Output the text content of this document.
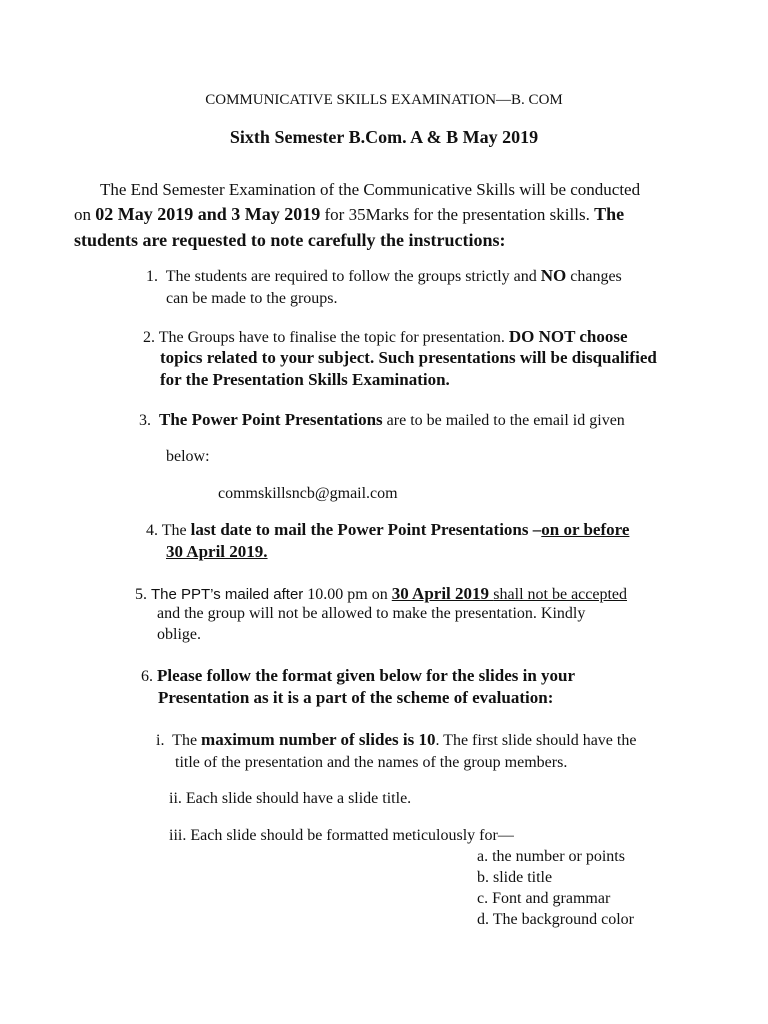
COMMUNICATIVE SKILLS EXAMINATION—B. COM
Sixth Semester B.Com. A & B May 2019
The End Semester Examination of the Communicative Skills will be conducted
on 02 May 2019 and 3 May 2019 for 35Marks for the presentation skills. The
students are requested to note carefully the instructions:
1. The students are required to follow the groups strictly and NO changes
can be made to the groups.
2. The Groups have to finalise the topic for presentation. DO NOT choose
topics related to your subject. Such presentations will be disqualified
for the Presentation Skills Examination.
3. The Power Point Presentations are to be mailed to the email id given
below:
commskillsncb@gmail.com
4. The last date to mail the Power Point Presentations –on or before
30 April 2019.
5. The PPT’s mailed after 10.00 pm on 30 April 2019 shall not be accepted
and the group will not be allowed to make the presentation. Kindly
oblige.
6. Please follow the format given below for the slides in your
Presentation as it is a part of the scheme of evaluation:
i. The maximum number of slides is 10. The first slide should have the
title of the presentation and the names of the group members.
ii. Each slide should have a slide title.
iii. Each slide should be formatted meticulously for—
a. the number or points
b. slide title
c. Font and grammar
d. The background color
